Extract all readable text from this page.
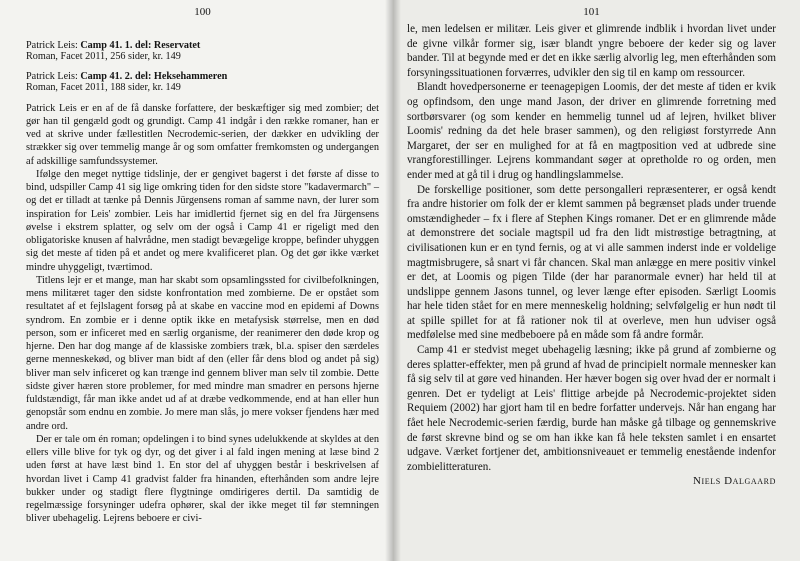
100
Patrick Leis: Camp 41. 1. del: Reservatet
Roman, Facet 2011, 256 sider, kr. 149
Patrick Leis: Camp 41. 2. del: Heksehammeren
Roman, Facet 2011, 188 sider, kr. 149

Patrick Leis er en af de få danske forfattere, der beskæftiger sig med zombier; det gør han til gengæld godt og grundigt. Camp 41 indgår i den række romaner, han er ved at skrive under fællestitlen Necrodemic-serien, der dækker en udvikling der strækker sig over temmelig mange år og som omfatter fremkomsten og undergangen af adskillige samfundssystemer.

Ifølge den meget nyttige tidslinje, der er gengivet bagerst i det første af disse to bind, udspiller Camp 41 sig lige omkring tiden for den sidste store "kadavermarch" – og det er tilladt at tænke på Dennis Jürgensens roman af samme navn, der lurer som inspiration for Leis' zombier. Leis har imidlertid fjernet sig en del fra Jürgensens øvelse i ekstrem splatter, og selv om der også i Camp 41 er rigeligt med den obligatoriske knusen af halvrådne, men stadigt bevægelige kroppe, befinder uhyggen sig det meste af tiden på et andet og mere kvalificeret plan. Og det gør ikke værket mindre uhyggeligt, tværtimod.

Titlens lejr er et mange, man har skabt som opsamlingssted for civilbefolkningen, mens militæret tager den sidste konfrontation med zombierne. De er opstået som resultatet af et fejlslagent forsøg på at skabe en vaccine mod en epidemi af Downs syndrom. En zombie er i denne optik ikke en metafysisk størrelse, men en død person, som er inficeret med en særlig organisme, der reanimerer den døde krop og hjerne. Den har dog mange af de klassiske zombiers træk, bl.a. spiser den særdeles gerne menneskekød, og bliver man bidt af den (eller får dens blod og andet på sig) bliver man selv inficeret og kan trænge ind gennem bliver man selv til zombie. Dette sidste giver hæren store problemer, for med mindre man smadrer en persons hjerne fuldstændigt, får man ikke andet ud af at dræbe vedkommende, end at han eller hun genopstår som endnu en zombie. Jo mere man slås, jo mere vokser fjendens hær med andre ord.

Der er tale om én roman; opdelingen i to bind synes udelukkende at skyldes at den ellers ville blive for tyk og dyr, og det giver i al fald ingen mening at læse bind 2 uden først at have læst bind 1. En stor del af uhyggen består i beskrivelsen af hvordan livet i Camp 41 gradvist falder fra hinanden, efterhånden som andre lejre bukker under og stadigt flere flygtninge omdirigeres dertil. Da samtidig de regelmæssige forsyninger udefra ophører, skal der ikke meget til før stemningen bliver ubehagelig. Lejrens beboere er civi-

101

le, men ledelsen er militær. Leis giver et glimrende indblik i hvordan livet under de givne vilkår former sig, især blandt yngre beboere der keder sig og laver bander. Til at begynde med er det en ikke særlig alvorlig leg, men efterhånden som forsyningssituationen forværres, udvikler den sig til en kamp om ressourcer.

Blandt hovedpersonerne er teenagepigen Loomis, der det meste af tiden er kvik og opfindsom, den unge mand Jason, der driver en glimrende forretning med sortbørsvarer (og som kender en hemmelig tunnel ud af lejren, hvilket bliver Loomis' redning da det hele braser sammen), og den religiøst forstyrrede Ann Margaret, der ser en mulighed for at få en magtposition ved at udbrede sine vrangforestillinger. Lejrens kommandant søger at opretholde ro og orden, men ender med at gå til i drug og handlingslammelse.

De forskellige positioner, som dette persongalleri repræsenterer, er også kendt fra andre historier om folk der er klemt sammen på begrænset plads under truende omstændigheder – fx i flere af Stephen Kings romaner. Det er en glimrende måde at demonstrere det sociale magtspil ud fra den lidt mistrøstige betragtning, at civilisationen kun er en tynd fernis, og at vi alle sammen inderst inde er voldelige magtmisbrugere, så snart vi får chancen. Skal man anlægge en mere positiv vinkel er det, at Loomis og pigen Tilde (der har paranormale evner) har held til at undslippe gennem Jasons tunnel, og lever længe efter episoden. Særligt Loomis har hele tiden stået for en mere menneskelig holdning; selvfølgelig er hun nødt til at spille spillet for at få rationer nok til at overleve, men hun udviser også medfølelse med sine medbeboere på en måde som få andre formår.

Camp 41 er stedvist meget ubehagelig læsning; ikke på grund af zombierne og deres splatter-effekter, men på grund af hvad de principielt normale mennesker kan få sig selv til at gøre ved hinanden. Her hæver bogen sig over hvad der er normalt i genren. Det er tydeligt at Leis' flittige arbejde på Necrodemic-projektet siden Requiem (2002) har gjort ham til en bedre forfatter undervejs. Når han engang har fået hele Necrodemic-serien færdig, burde han måske gå tilbage og gennemskrive de først skrevne bind og se om han ikke kan få hele teksten samlet i en ensartet udgave. Værket fortjener det, ambitionsniveauet er temmelig enestående indenfor zombielitteraturen.

Niels Dalgaard
